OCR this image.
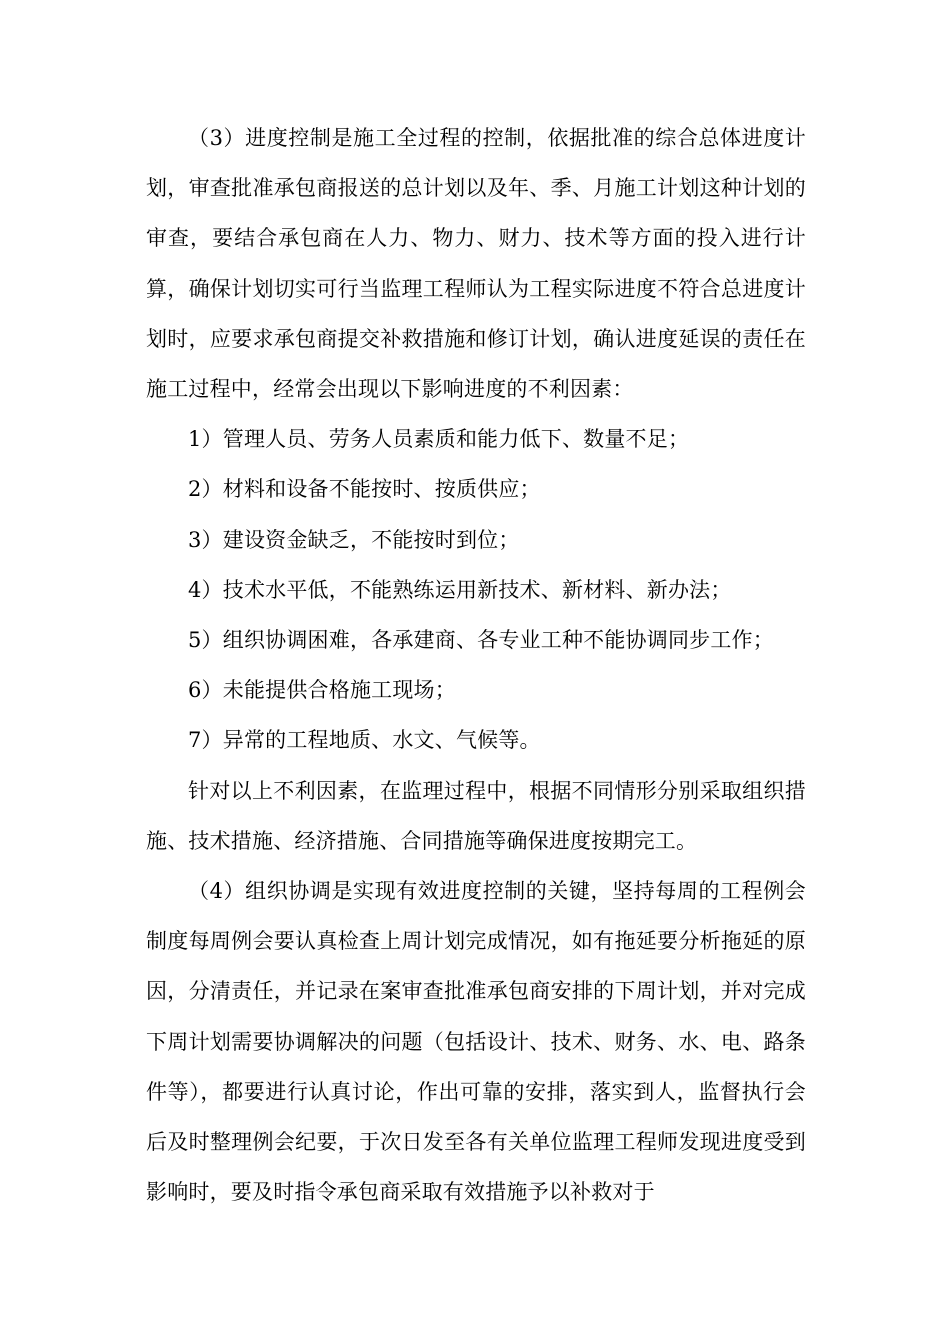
（3）进度控制是施工全过程的控制，依据批准的综合总体进度计划，审查批准承包商报送的总计划以及年、季、月施工计划这种计划的审查，要结合承包商在人力、物力、财力、技术等方面的投入进行计算，确保计划切实可行当监理工程师认为工程实际进度不符合总进度计划时，应要求承包商提交补救措施和修订计划，确认进度延误的责任在施工过程中，经常会出现以下影响进度的不利因素：

1）管理人员、劳务人员素质和能力低下、数量不足；

2）材料和设备不能按时、按质供应；

3）建设资金缺乏，不能按时到位；

4）技术水平低，不能熟练运用新技术、新材料、新办法；

5）组织协调困难，各承建商、各专业工种不能协调同步工作；

6）未能提供合格施工现场；

7）异常的工程地质、水文、气候等。

针对以上不利因素，在监理过程中，根据不同情形分别采取组织措施、技术措施、经济措施、合同措施等确保进度按期完工。

（4）组织协调是实现有效进度控制的关键，坚持每周的工程例会制度每周例会要认真检查上周计划完成情况，如有拖延要分析拖延的原因，分清责任，并记录在案审查批准承包商安排的下周计划，并对完成下周计划需要协调解决的问题（包括设计、技术、财务、水、电、路条件等），都要进行认真讨论，作出可靠的安排，落实到人，监督执行会后及时整理例会纪要，于次日发至各有关单位监理工程师发现进度受到影响时，要及时指令承包商采取有效措施予以补救对于
